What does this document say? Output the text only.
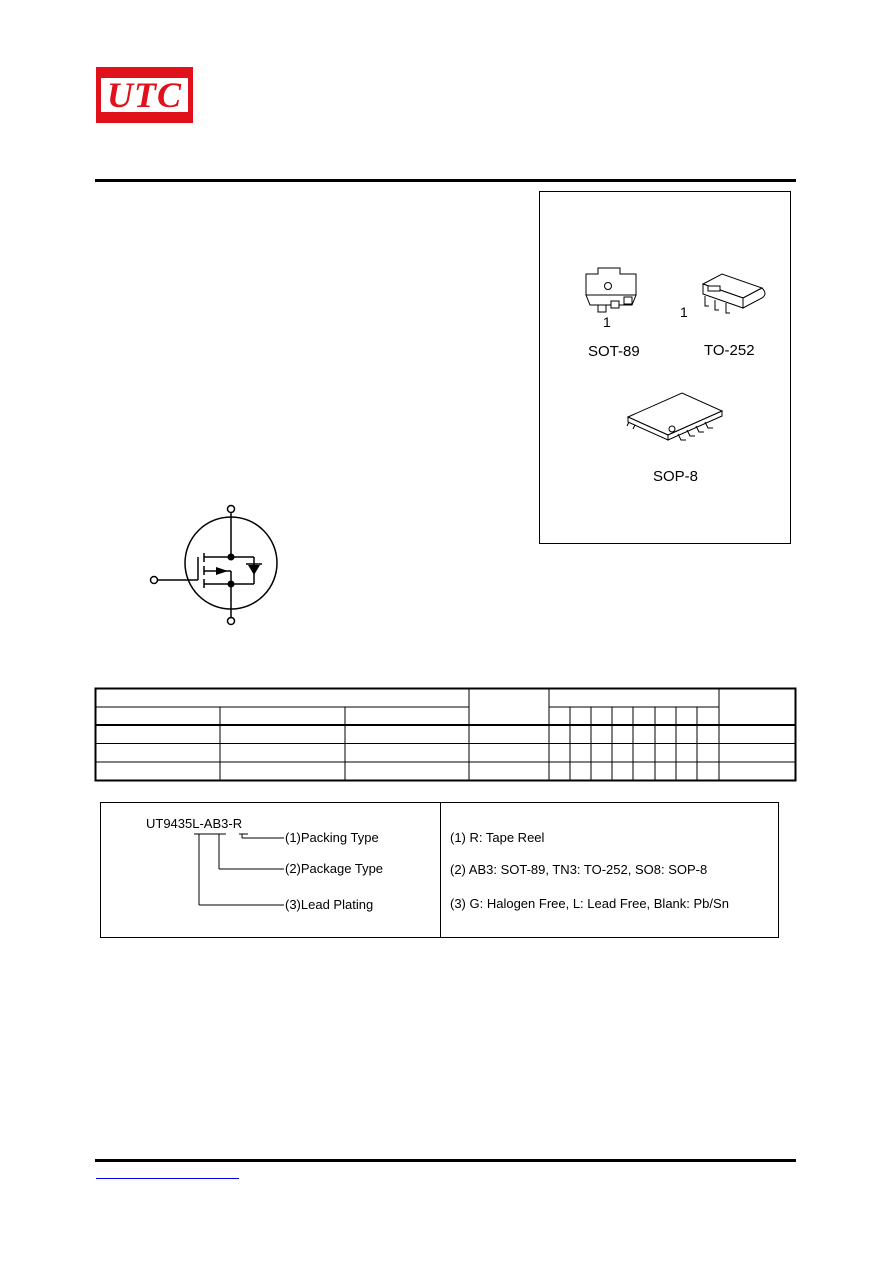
UTC
1
1
SOT-89	TO-252
SOP-8
UT9435L-AB3-R
(1)Packing Type
(2)Package Type
(3)Lead Plating
(1) R: Tape Reel
(2) AB3: SOT-89, TN3: TO-252, SO8: SOP-8
(3) G: Halogen Free, L: Lead Free, Blank: Pb/Sn
